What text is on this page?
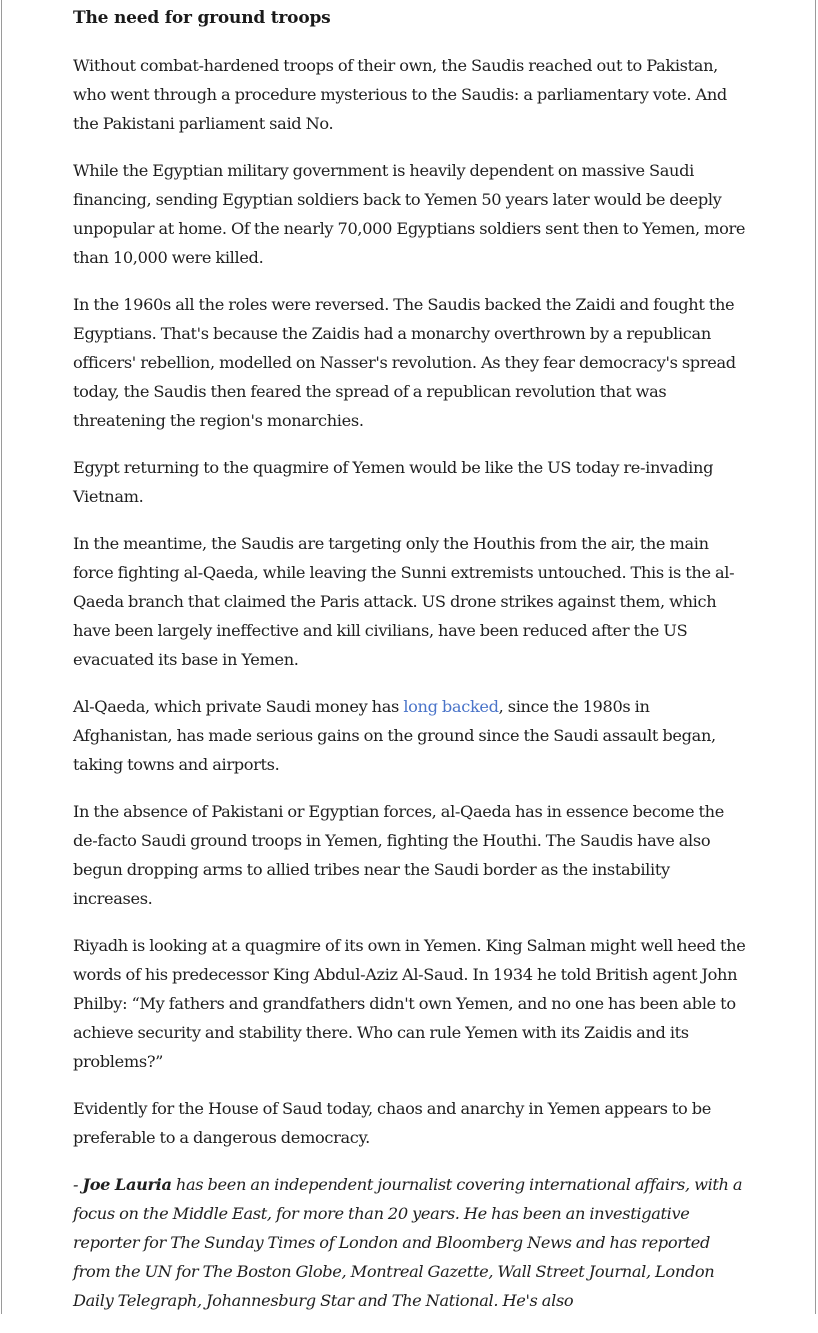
The need for ground troops

Without combat-hardened troops of their own, the Saudis reached out to Pakistan, who went through a procedure mysterious to the Saudis: a parliamentary vote. And the Pakistani parliament said No.

While the Egyptian military government is heavily dependent on massive Saudi financing, sending Egyptian soldiers back to Yemen 50 years later would be deeply unpopular at home. Of the nearly 70,000 Egyptians soldiers sent then to Yemen, more than 10,000 were killed.

In the 1960s all the roles were reversed. The Saudis backed the Zaidi and fought the Egyptians. That's because the Zaidis had a monarchy overthrown by a republican officers' rebellion, modelled on Nasser's revolution. As they fear democracy's spread today, the Saudis then feared the spread of a republican revolution that was threatening the region's monarchies.

Egypt returning to the quagmire of Yemen would be like the US today re-invading Vietnam.

In the meantime, the Saudis are targeting only the Houthis from the air, the main force fighting al-Qaeda, while leaving the Sunni extremists untouched. This is the al-Qaeda branch that claimed the Paris attack. US drone strikes against them, which have been largely ineffective and kill civilians, have been reduced after the US evacuated its base in Yemen.

Al-Qaeda, which private Saudi money has long backed, since the 1980s in Afghanistan, has made serious gains on the ground since the Saudi assault began, taking towns and airports.

In the absence of Pakistani or Egyptian forces, al-Qaeda has in essence become the de-facto Saudi ground troops in Yemen, fighting the Houthi. The Saudis have also begun dropping arms to allied tribes near the Saudi border as the instability increases.

Riyadh is looking at a quagmire of its own in Yemen. King Salman might well heed the words of his predecessor King Abdul-Aziz Al-Saud. In 1934 he told British agent John Philby: “My fathers and grandfathers didn't own Yemen, and no one has been able to achieve security and stability there. Who can rule Yemen with its Zaidis and its problems?”

Evidently for the House of Saud today, chaos and anarchy in Yemen appears to be preferable to a dangerous democracy.

- Joe Lauria has been an independent journalist covering international affairs, with a focus on the Middle East, for more than 20 years. He has been an investigative reporter for The Sunday Times of London and Bloomberg News and has reported from the UN for The Boston Globe, Montreal Gazette, Wall Street Journal, London Daily Telegraph, Johannesburg Star and The National. He's also
